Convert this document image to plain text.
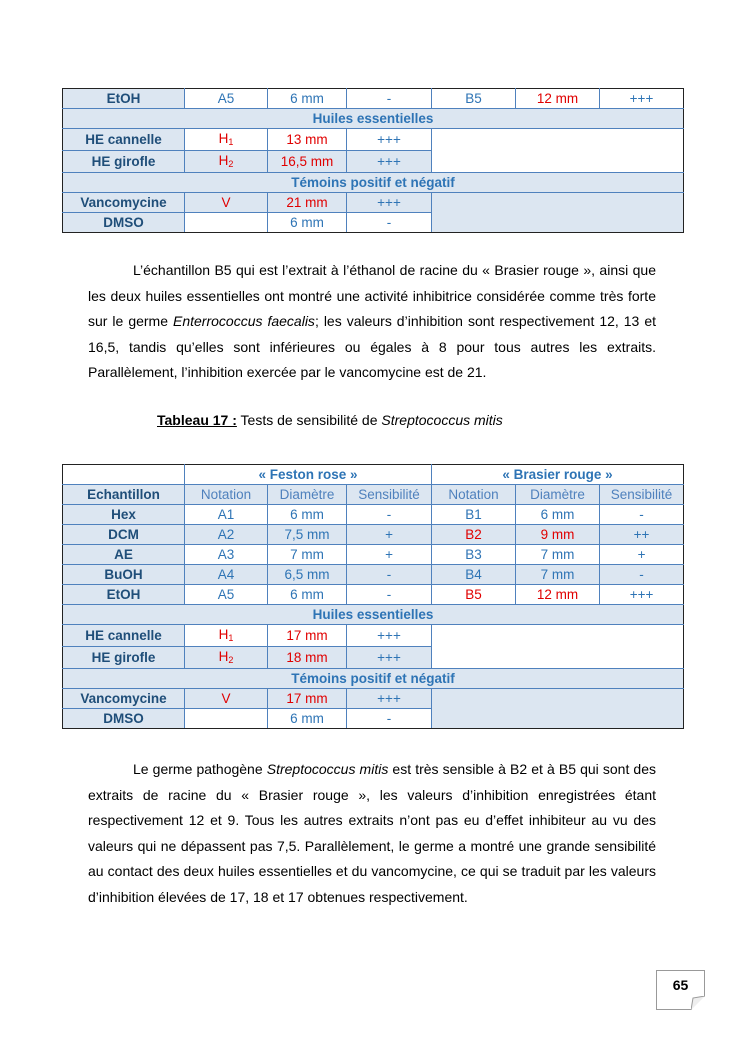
EtOH	A5	6 mm	-	B5	12 mm	+++
Huiles essentielles						
HE cannelle	$H_1$	13 mm	+++			
HE girofle	$H_2$	16,5 mm	+++			
Témoins positif et négatif						
Vancomycine	V	21 mm	+++			
DMSO		6 mm	-			

L’échantillon B5 qui est l’extrait à l’éthanol de racine du « Brasier rouge », ainsi que les deux huiles essentielles ont montré une activité inhibitrice considérée comme très forte sur le germe Enterrococcus faecalis; les valeurs d’inhibition sont respectivement 12, 13 et 16,5, tandis qu’elles sont inférieures ou égales à 8 pour tous autres les extraits. Parallèlement, l’inhibition exercée par le vancomycine est de 21.

Tableau 17 : Tests de sensibilité de Streptococcus mitis
	« Feston rose »			« Brasier rouge »		
Echantillon	Notation	Diamètre	Sensibilité	Notation	Diamètre	Sensibilité
Hex	A1	6 mm	-	B1	6 mm	-
DCM	A2	7,5 mm	+	B2	9 mm	++
AE	A3	7 mm	+	B3	7 mm	+
BuOH	A4	6,5 mm	-	B4	7 mm	-
EtOH	A5	6 mm	-	B5	12 mm	+++
Huiles essentielles						
HE cannelle	$H_1$	17 mm	+++			
HE girofle	$H_2$	18 mm	+++			
Témoins positif et négatif						
Vancomycine	V	17 mm	+++			
DMSO		6 mm	-			

Le germe pathogène Streptococcus mitis est très sensible à B2 et à B5 qui sont des extraits de racine du « Brasier rouge », les valeurs d’inhibition enregistrées étant respectivement 12 et 9. Tous les autres extraits n’ont pas eu d’effet inhibiteur au vu des valeurs qui ne dépassent pas 7,5. Parallèlement, le germe a montré une grande sensibilité au contact des deux huiles essentielles et du vancomycine, ce qui se traduit par les valeurs d’inhibition élevées de 17, 18 et 17 obtenues respectivement.

65
